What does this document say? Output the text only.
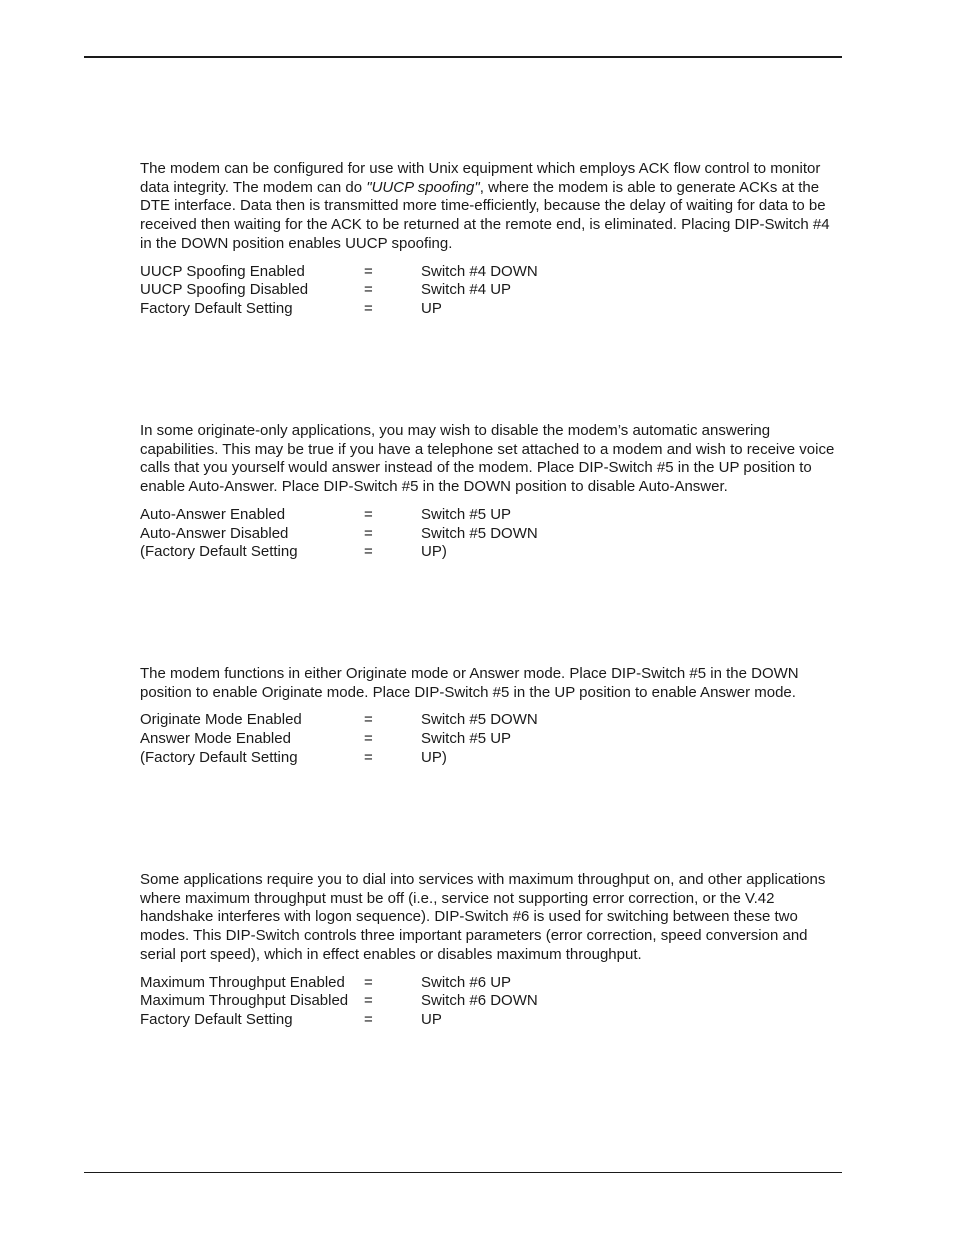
The modem can be configured for use with Unix equipment which employs ACK flow control to monitor data integrity. The modem can do "UUCP spoofing", where the modem is able to generate ACKs at the DTE interface. Data then is transmitted more time-efficiently, because the delay of waiting for data to be received then waiting for the ACK to be returned at the remote end, is eliminated. Placing DIP-Switch #4 in the DOWN position enables UUCP spoofing.

UUCP Spoofing Enabled	=	Switch #4 DOWN
UUCP Spoofing Disabled	=	Switch #4 UP
Factory Default Setting	=	UP

In some originate-only applications, you may wish to disable the modem’s automatic answering capabilities. This may be true if you have a telephone set attached to a modem and wish to receive voice calls that you yourself would answer instead of the modem. Place DIP-Switch #5 in the UP position to enable Auto-Answer. Place DIP-Switch #5 in the DOWN position to disable Auto-Answer.

Auto-Answer Enabled	=	Switch #5 UP
Auto-Answer Disabled	=	Switch #5 DOWN
(Factory Default Setting	=	UP)

The modem functions in either Originate mode or Answer mode. Place DIP-Switch #5 in the DOWN position to enable Originate mode. Place DIP-Switch #5 in the UP position to enable Answer mode.

Originate Mode Enabled	=	Switch #5 DOWN
Answer Mode Enabled	=	Switch #5 UP
(Factory Default Setting	=	UP)

Some applications require you to dial into services with maximum throughput on, and other applications where maximum throughput must be off (i.e., service not supporting error correction, or the V.42 handshake interferes with logon sequence). DIP-Switch #6 is used for switching between these two modes. This DIP-Switch controls three important parameters (error correction, speed conversion and serial port speed), which in effect enables or disables maximum throughput.

Maximum Throughput Enabled =	Switch #6 UP
Maximum Throughput Disabled =	Switch #6 DOWN
Factory Default Setting	=	UP
